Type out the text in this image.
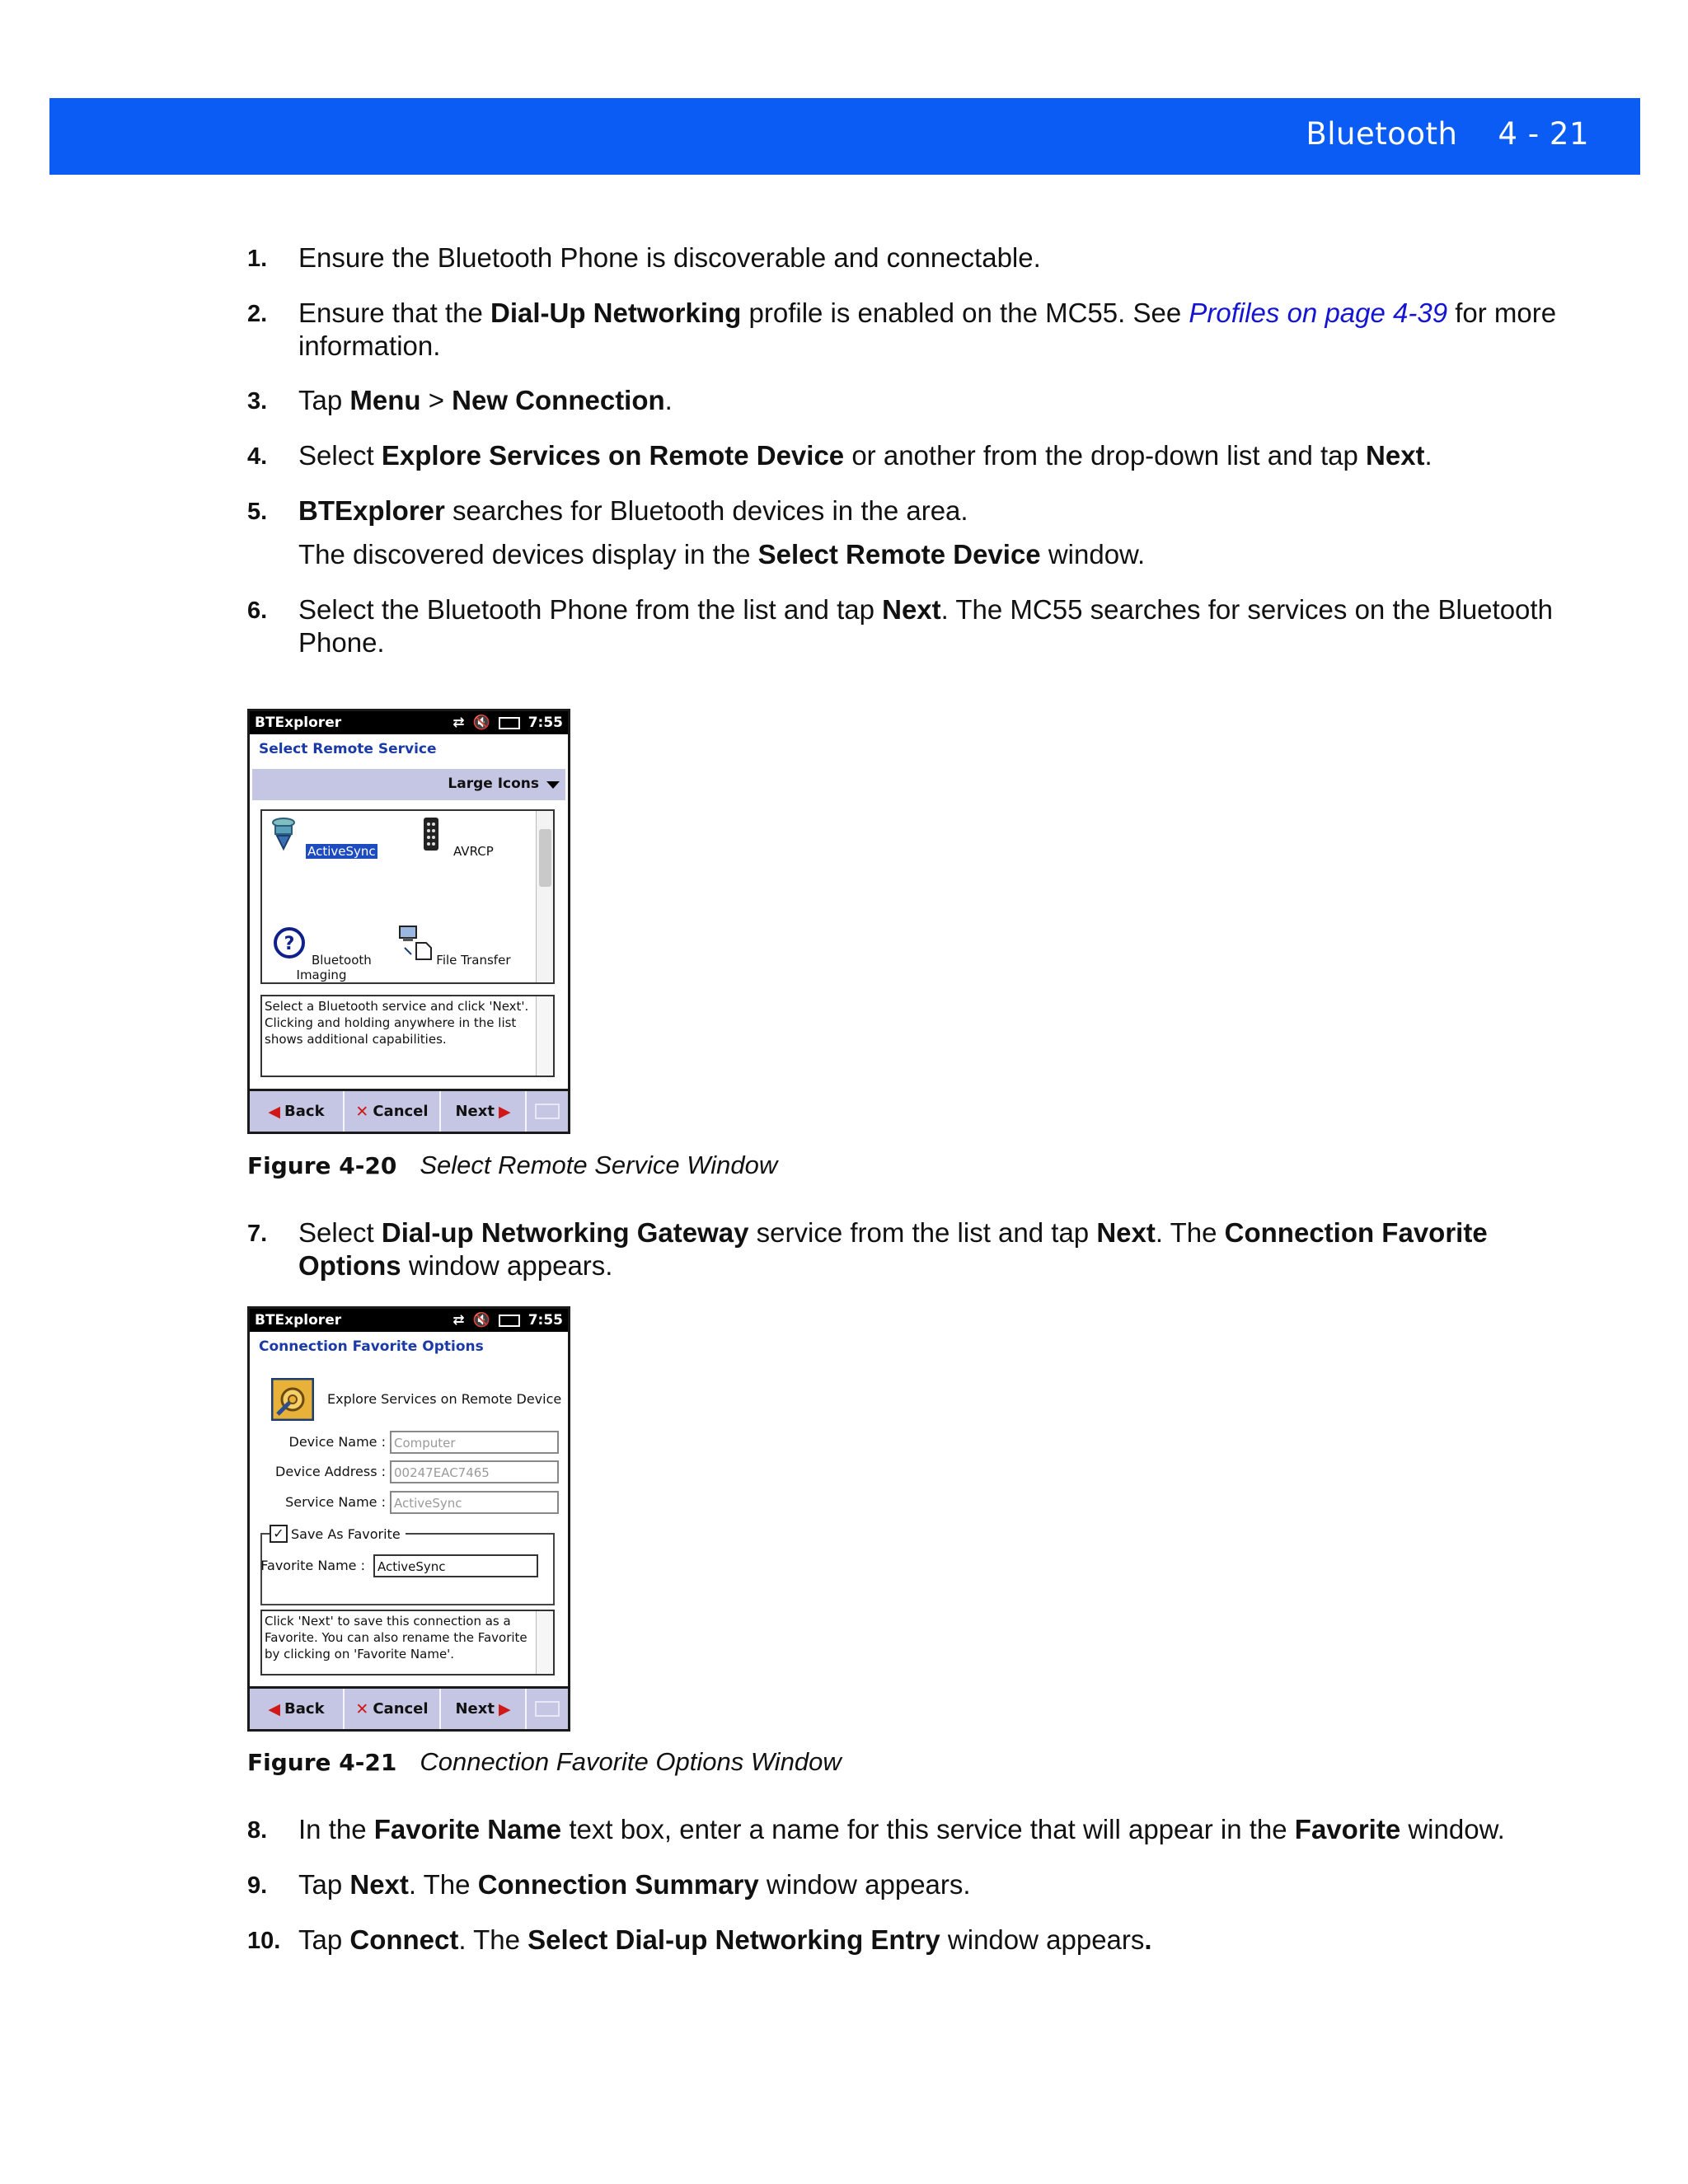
Bluetooth 4 - 21
1. Ensure the Bluetooth Phone is discoverable and connectable.
2. Ensure that the Dial-Up Networking profile is enabled on the MC55. See Profiles on page 4-39 for more information.
3. Tap Menu > New Connection.
4. Select Explore Services on Remote Device or another from the drop-down list and tap Next.
5. BTExplorer searches for Bluetooth devices in the area.
The discovered devices display in the Select Remote Device window.
6. Select the Bluetooth Phone from the list and tap Next. The MC55 searches for services on the Bluetooth Phone.
BTExplorer	⇄ 🔇	7:55
Select Remote Service
Large Icons
ActiveSync	AVRCP
?
Bluetooth Imaging
File Transfer
Select a Bluetooth service and click 'Next'. Clicking and holding anywhere in the list shows additional capabilities.
◀ Back ✕ Cancel Next ▶
Figure 4-20 Select Remote Service Window
7. Select Dial-up Networking Gateway service from the list and tap Next. The Connection Favorite Options window appears.
BTExplorer	⇄ 🔇	7:55
Connection Favorite Options
Explore Services on Remote Device
Device Name : Computer
Device Address : 00247EAC7465
Service Name : ActiveSync
✓ Save As Favorite
Favorite Name :	ActiveSync
Click 'Next' to save this connection as a Favorite. You can also rename the Favorite by clicking on 'Favorite Name'.
◀ Back ✕ Cancel Next ▶
Figure 4-21 Connection Favorite Options Window
8. In the Favorite Name text box, enter a name for this service that will appear in the Favorite window.
9. Tap Next. The Connection Summary window appears.
10. Tap Connect. The Select Dial-up Networking Entry window appears.
